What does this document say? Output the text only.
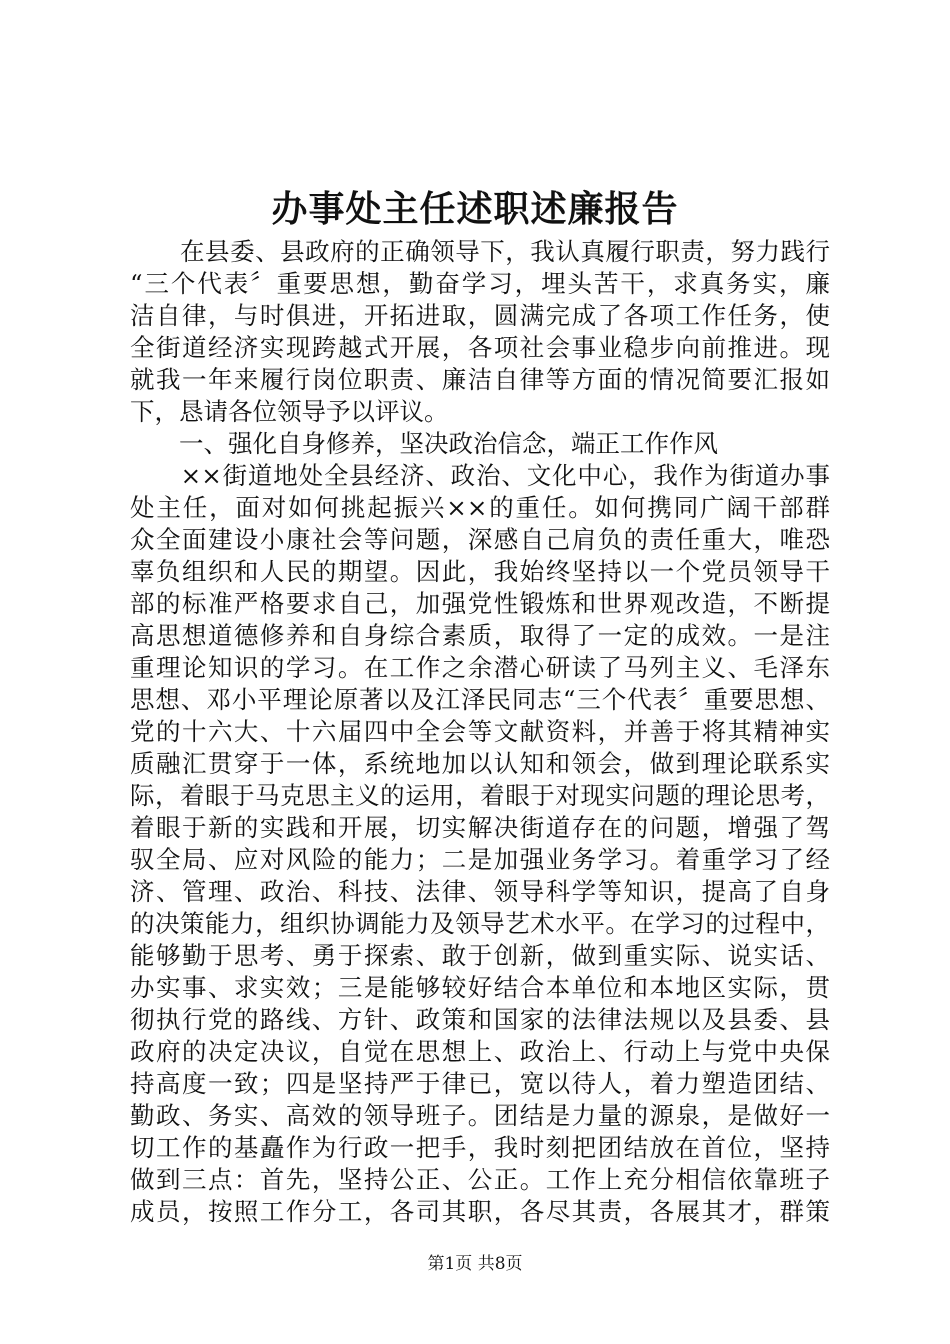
办事处主任述职述廉报告
　　在县委、县政府的正确领导下，我认真履行职责，努力践行
“三个代表〞重要思想，勤奋学习，埋头苦干，求真务实，廉
洁自律，与时俱进，开拓进取，圆满完成了各项工作任务，使
全街道经济实现跨越式开展，各项社会事业稳步向前推进。现
就我一年来履行岗位职责、廉洁自律等方面的情况简要汇报如
下，恳请各位领导予以评议。
　　一、强化自身修养，坚决政治信念，端正工作作风
　　××街道地处全县经济、政治、文化中心，我作为街道办事
处主任，面对如何挑起振兴××的重任。如何携同广阔干部群
众全面建设小康社会等问题，深感自己肩负的责任重大，唯恐
辜负组织和人民的期望。因此，我始终坚持以一个党员领导干
部的标准严格要求自己，加强党性锻炼和世界观改造，不断提
高思想道德修养和自身综合素质，取得了一定的成效。一是注
重理论知识的学习。在工作之余潜心研读了马列主义、毛泽东
思想、邓小平理论原著以及江泽民同志“三个代表〞重要思想、
党的十六大、十六届四中全会等文献资料，并善于将其精神实
质融汇贯穿于一体，系统地加以认知和领会，做到理论联系实
际，着眼于马克思主义的运用，着眼于对现实问题的理论思考，
着眼于新的实践和开展，切实解决街道存在的问题，增强了驾
驭全局、应对风险的能力；二是加强业务学习。着重学习了经
济、管理、政治、科技、法律、领导科学等知识，提高了自身
的决策能力，组织协调能力及领导艺术水平。在学习的过程中，
能够勤于思考、勇于探索、敢于创新，做到重实际、说实话、
办实事、求实效；三是能够较好结合本单位和本地区实际，贯
彻执行党的路线、方针、政策和国家的法律法规以及县委、县
政府的决定决议，自觉在思想上、政治上、行动上与党中央保
持高度一致；四是坚持严于律已，宽以待人，着力塑造团结、
勤政、务实、高效的领导班子。团结是力量的源泉，是做好一
切工作的基矗作为行政一把手，我时刻把团结放在首位，坚持
做到三点：首先，坚持公正、公正。工作上充分相信依靠班子
成员，按照工作分工，各司其职，各尽其责，各展其才，群策
第1页 共8页
